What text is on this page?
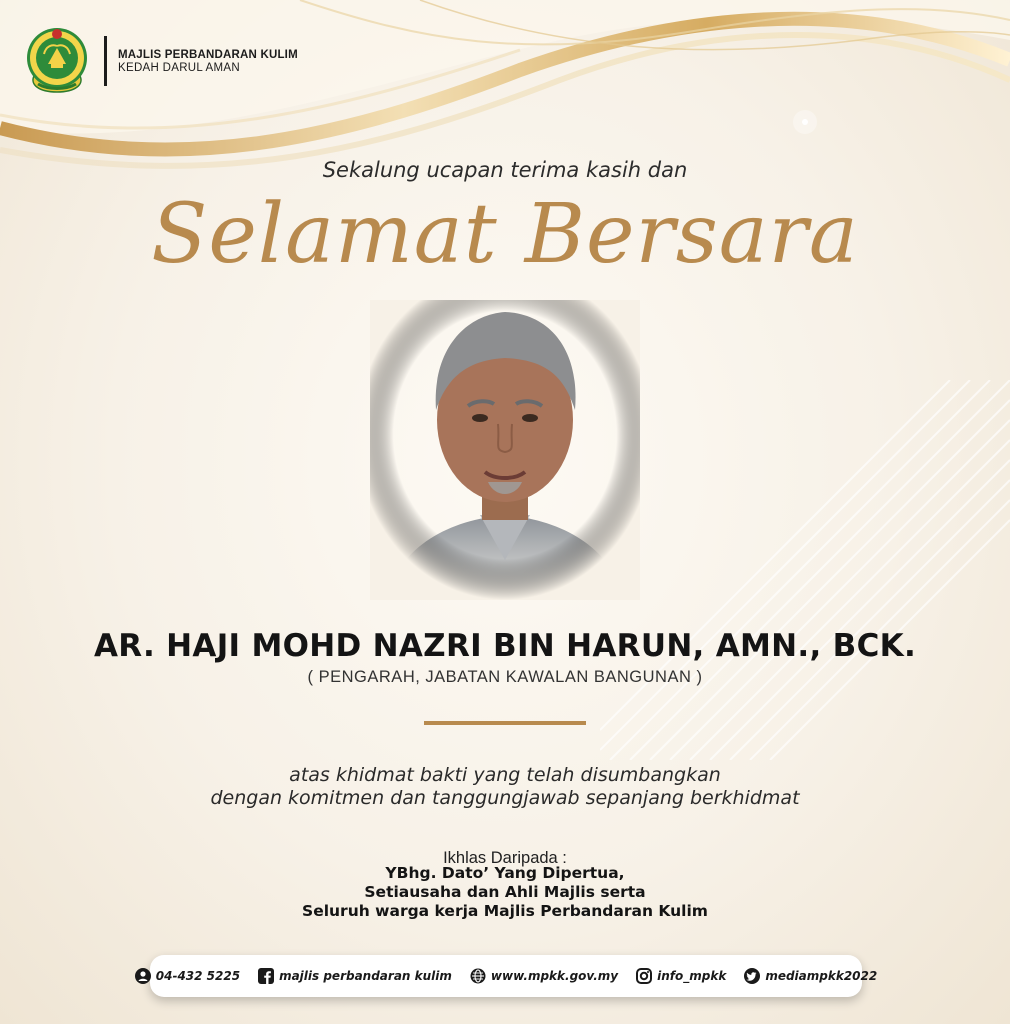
MAJLIS PERBANDARAN KULIM
KEDAH DARUL AMAN
Sekalung ucapan terima kasih dan
Selamat Bersara
AR. HAJI MOHD NAZRI BIN HARUN, AMN., BCK.
( PENGARAH, JABATAN KAWALAN BANGUNAN )
atas khidmat bakti yang telah disumbangkan
dengan komitmen dan tanggungjawab sepanjang berkhidmat
Ikhlas Daripada :
YBhg. Dato’ Yang Dipertua,
Setiausaha dan Ahli Majlis serta
Seluruh warga kerja Majlis Perbandaran Kulim
04-432 5225	majlis perbandaran kulim	www.mpkk.gov.my	info_mpkk	mediampkk2022
